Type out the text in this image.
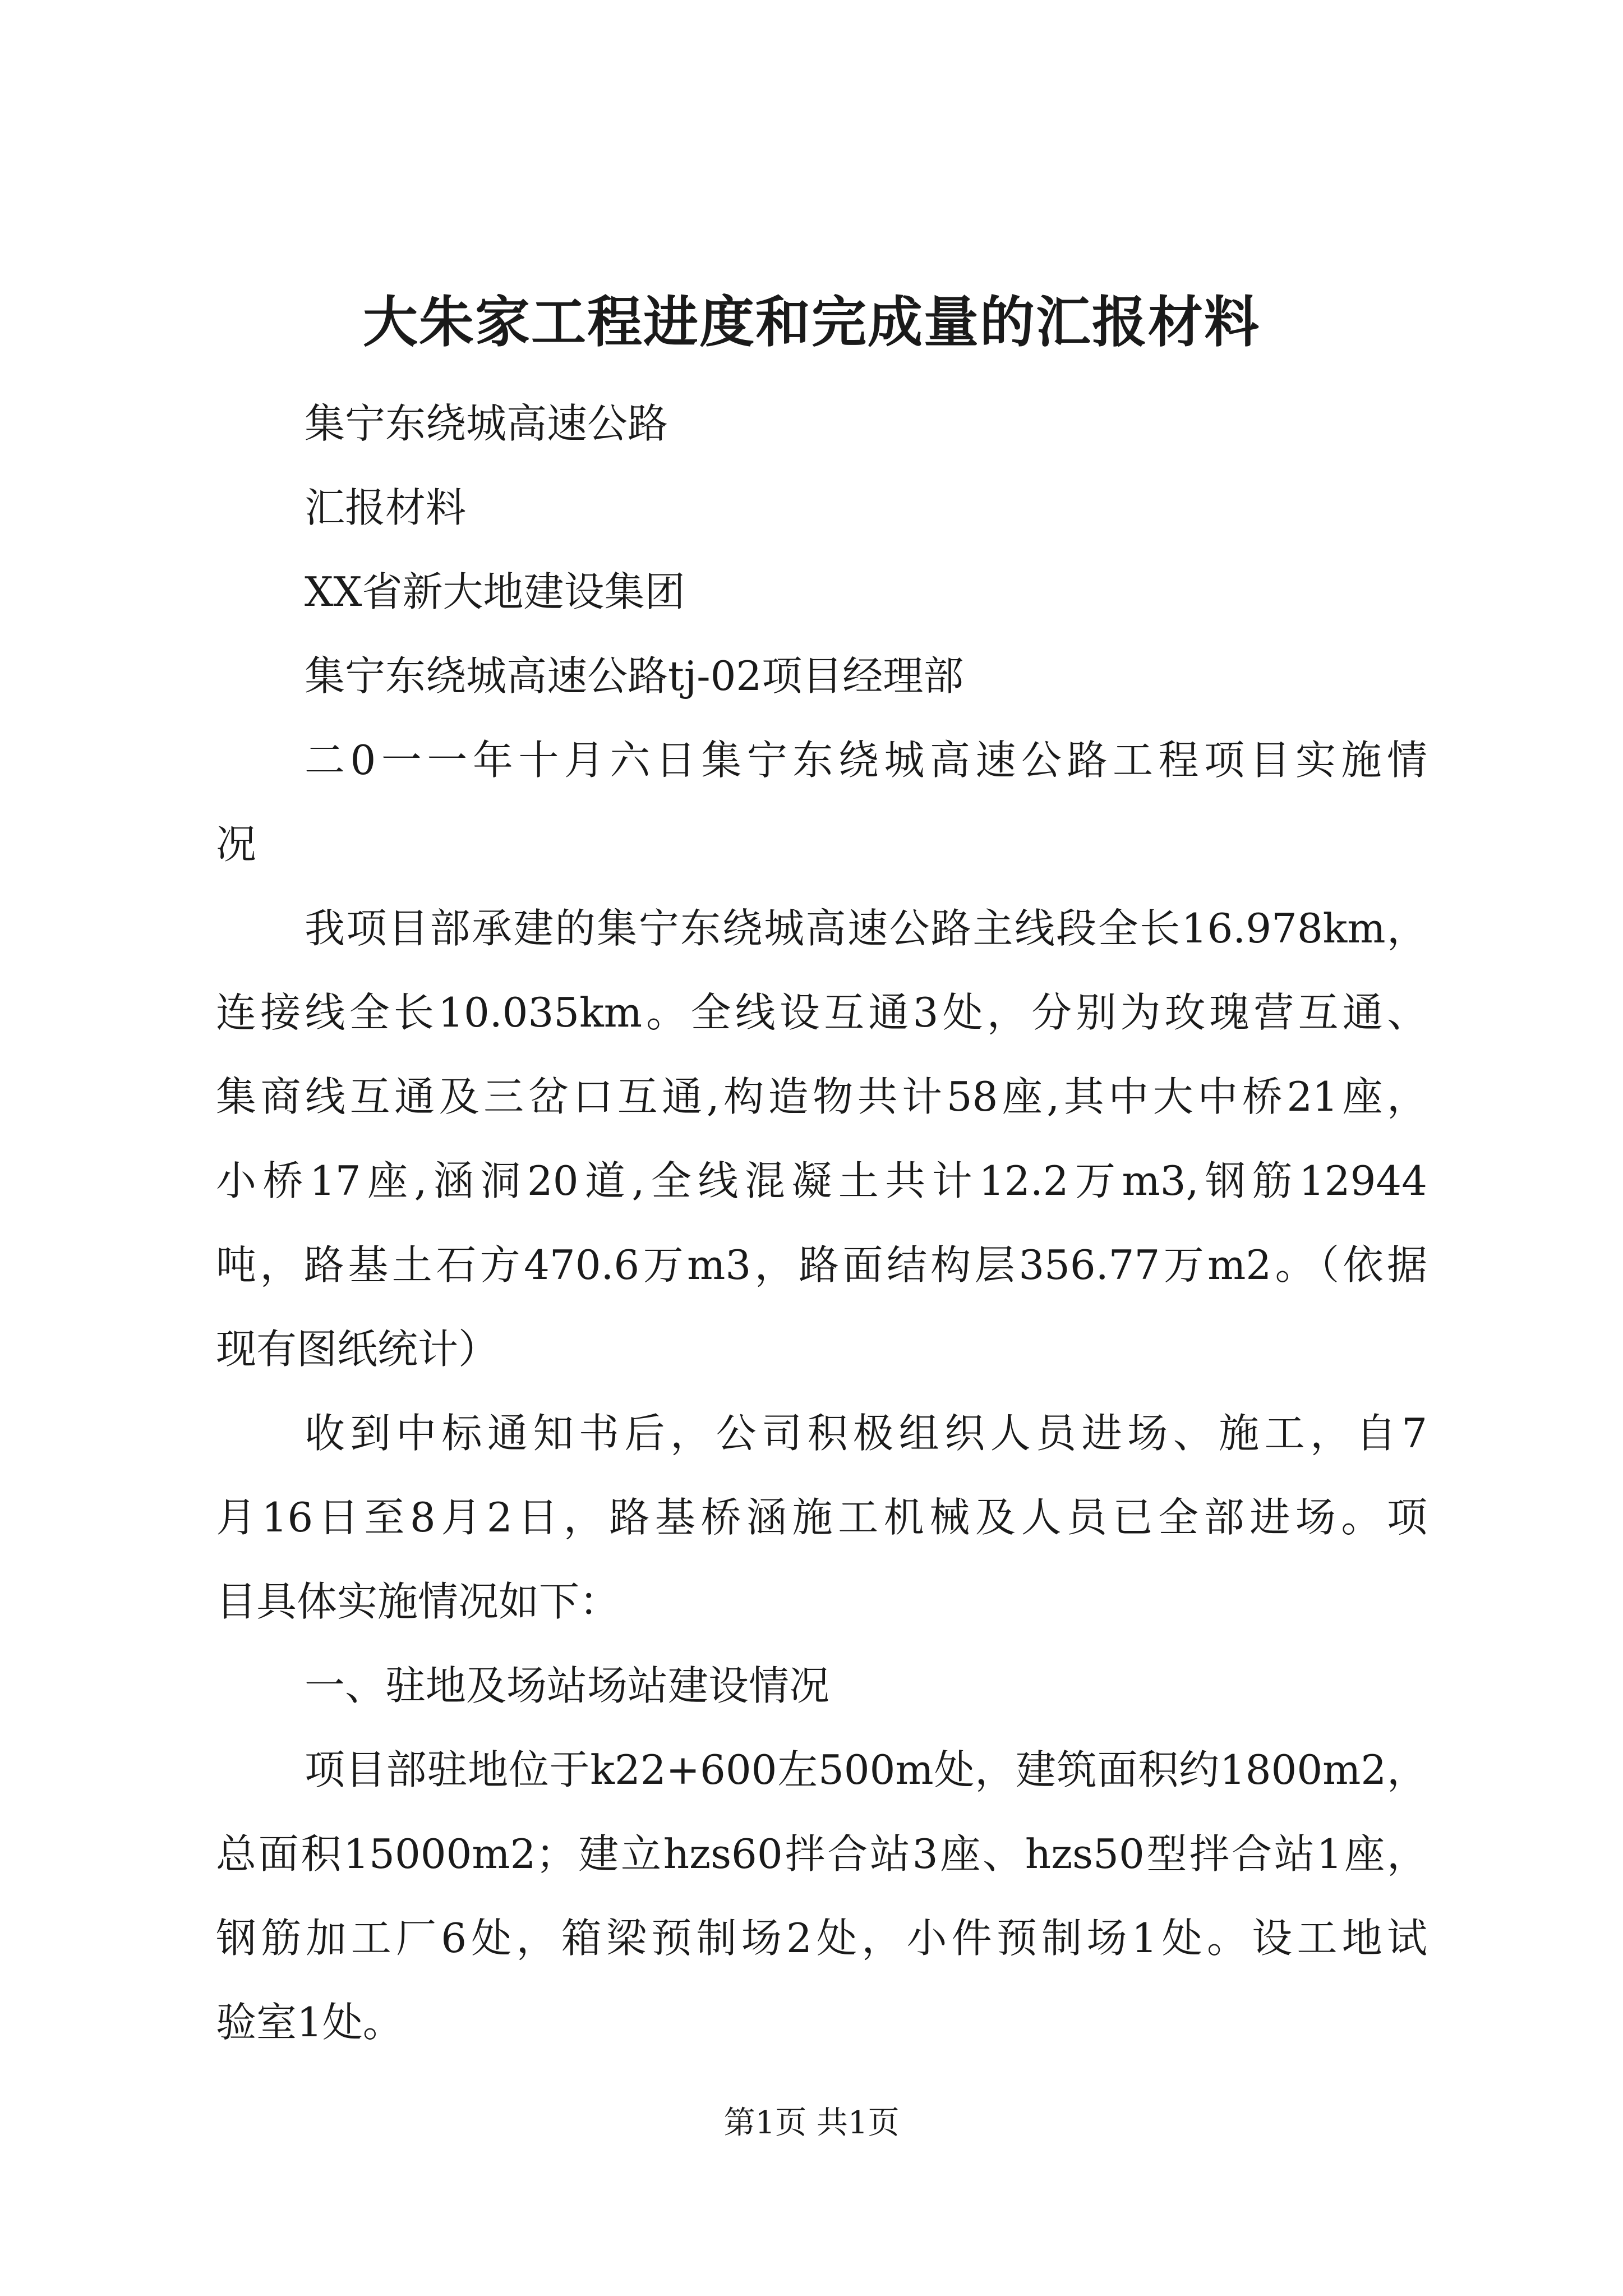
大朱家工程进度和完成量的汇报材料

集宁东绕城高速公路

汇报材料

XX省新大地建设集团

集宁东绕城高速公路tj-02项目经理部

二0一一年十月六日集宁东绕城高速公路工程项目实施情

况

我项目部承建的集宁东绕城高速公路主线段全长16.978km，

连接线全长10.035km。全线设互通3处，分别为玫瑰营互通、

集商线互通及三岔口互通,构造物共计58座,其中大中桥21座，

小桥17座,涵洞20道,全线混凝土共计12.2万m3,钢筋12944

吨，路基土石方470.6万m3，路面结构层356.77万m2。（依据

现有图纸统计）

收到中标通知书后，公司积极组织人员进场、施工，自7

月16日至8月2日，路基桥涵施工机械及人员已全部进场。项

目具体实施情况如下：

一、驻地及场站场站建设情况

项目部驻地位于k22+600左500m处，建筑面积约1800m2，

总面积15000m2；建立hzs60拌合站3座、hzs50型拌合站1座，

钢筋加工厂6处，箱梁预制场2处，小件预制场1处。设工地试

验室1处。

第1页 共1页
